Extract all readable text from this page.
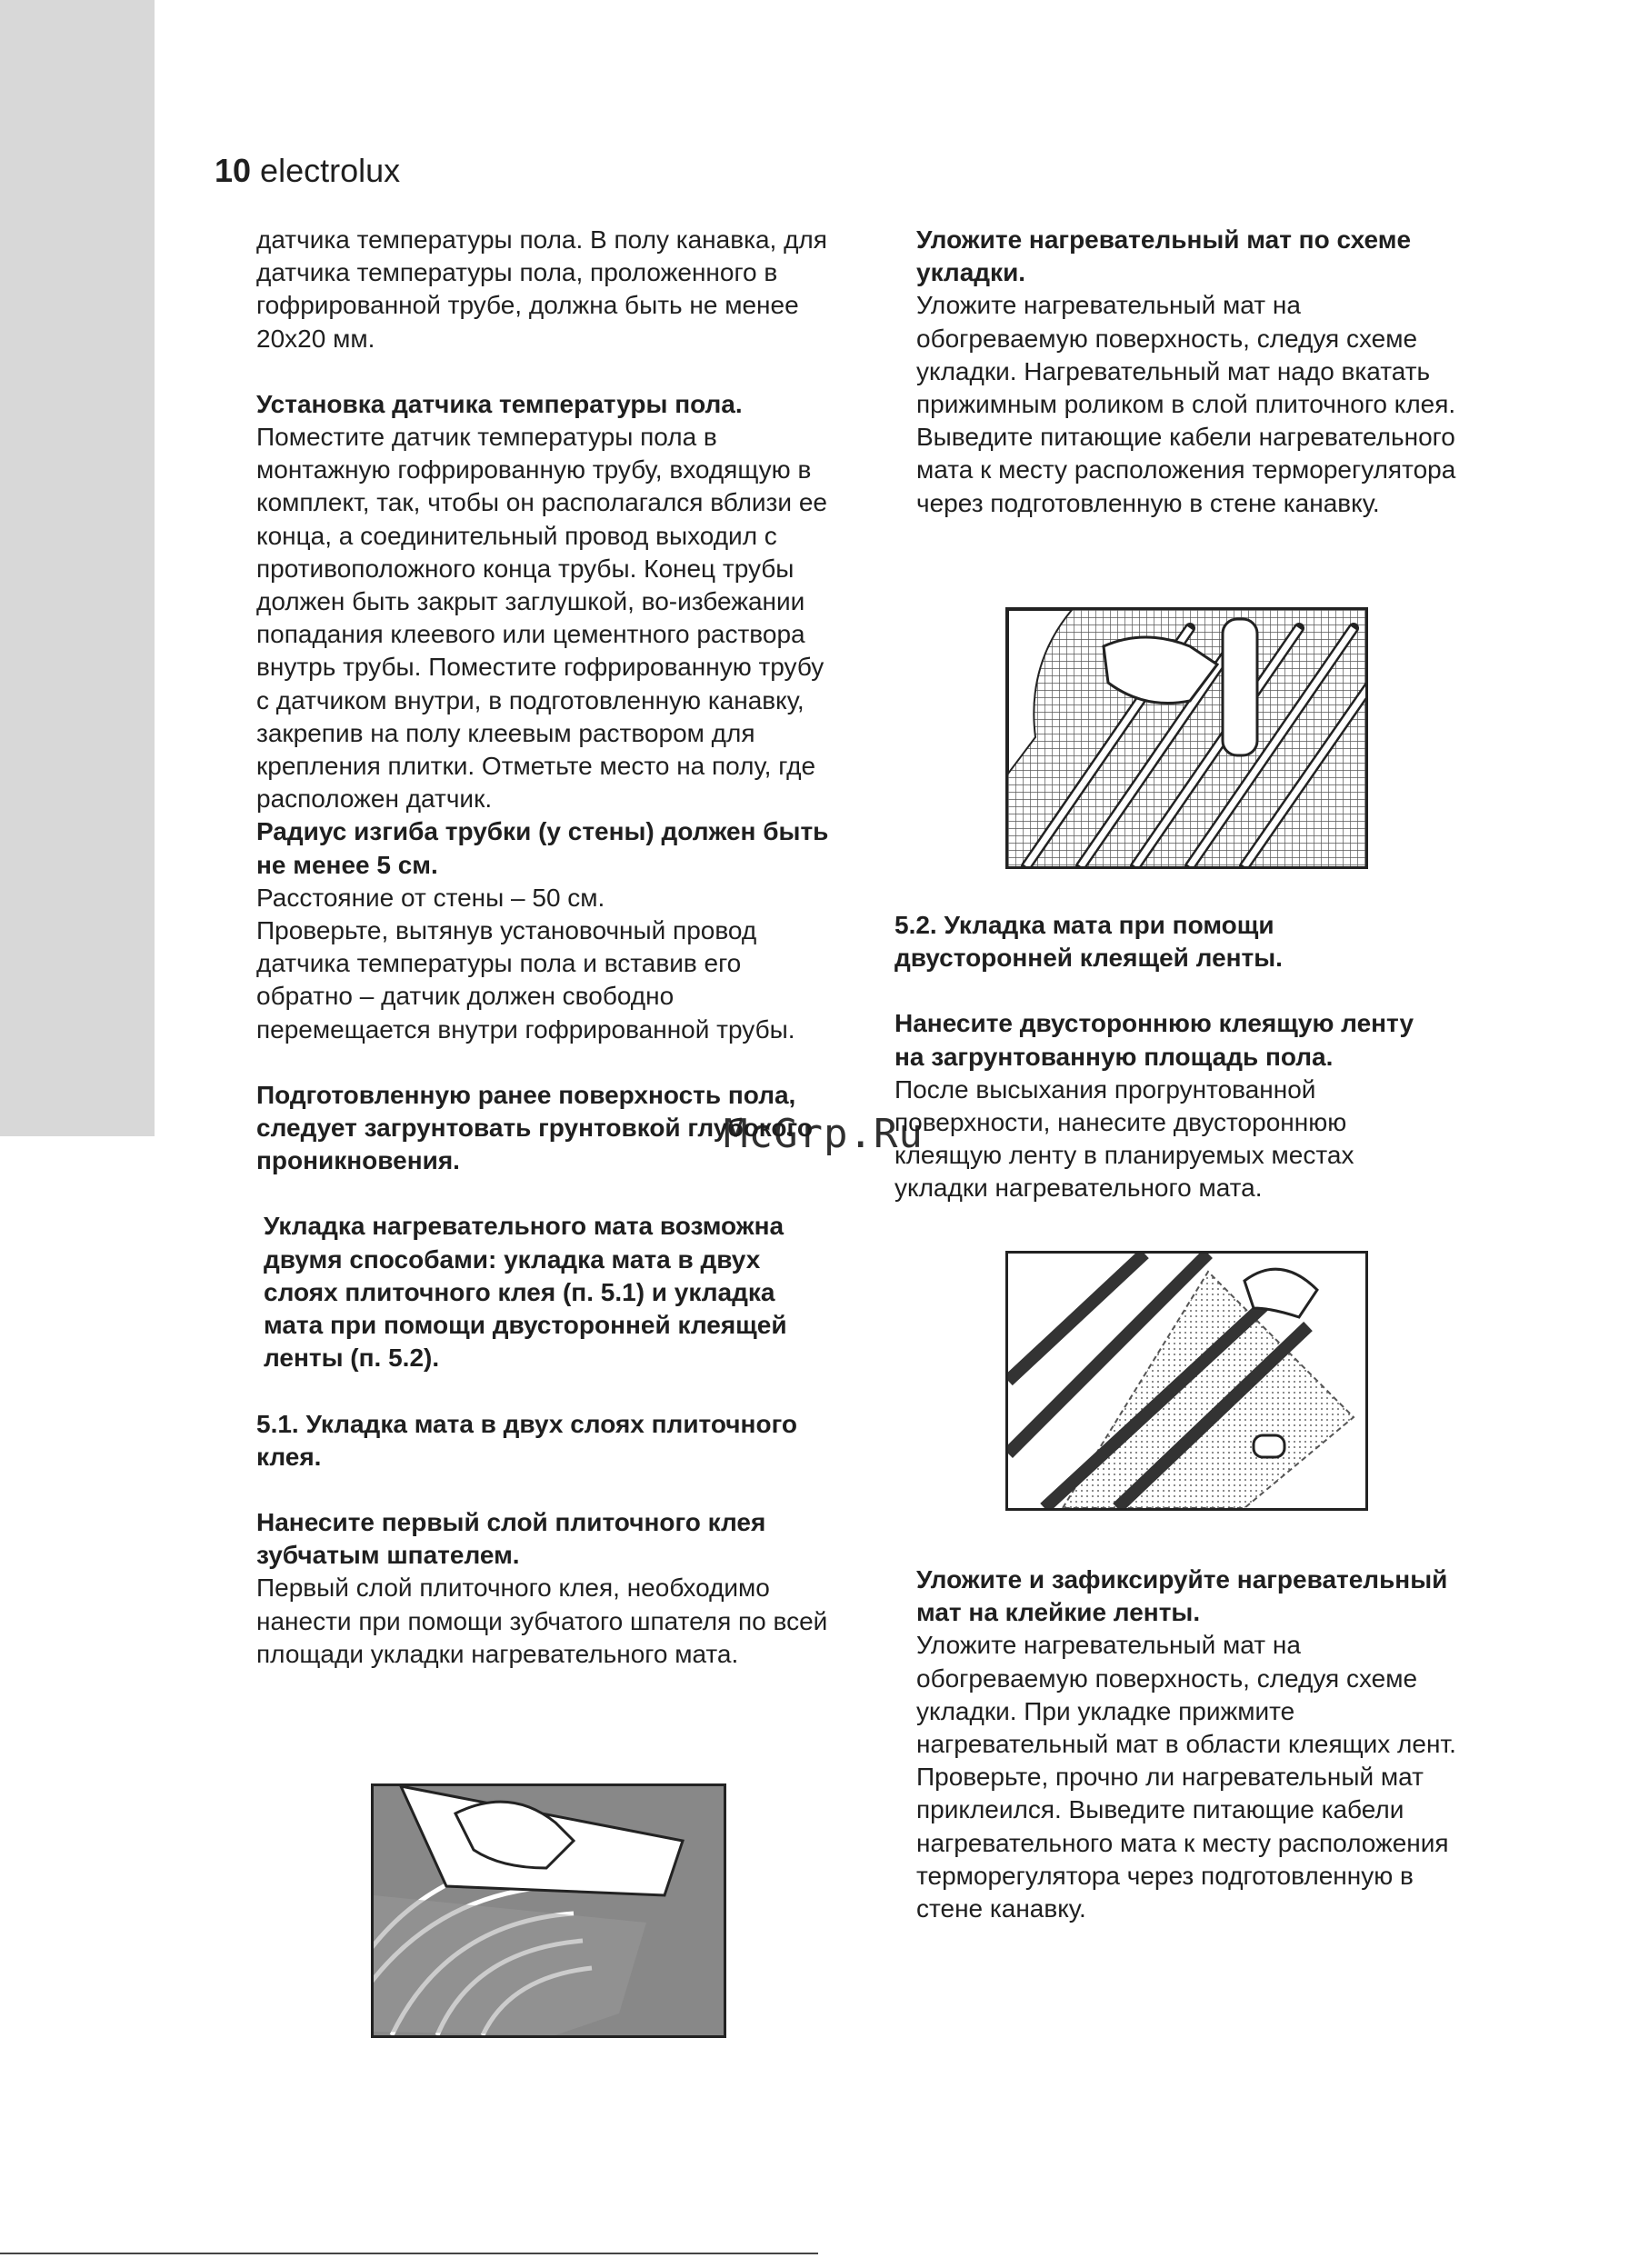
10 electrolux

датчика температуры пола. В полу канавка, для датчика температуры пола, проложенного в гофрированной трубе, должна быть не менее 20х20 мм.

Установка датчика температуры пола.

Поместите датчик температуры пола в монтажную гофрированную трубу, входящую в комплект, так, чтобы он располагался вблизи ее конца, а соединительный провод выходил с противоположного конца трубы. Конец трубы должен быть закрыт заглушкой, во-избежании попадания клеевого или цементного раствора внутрь трубы. Поместите гофрированную трубу с датчиком внутри, в подготовленную канавку, закрепив на полу клеевым раствором для крепления плитки. Отметьте место на полу, где расположен датчик.

Радиус изгиба трубки (у стены) должен быть не менее 5 см.

Расстояние от стены – 50 см.

Проверьте, вытянув установочный провод датчика температуры пола и вставив его обратно – датчик должен свободно перемещается внутри гофрированной трубы.

Подготовленную ранее поверхность пола, следует загрунтовать грунтовкой глубокого проникновения.

Укладка нагревательного мата возможна двумя способами: укладка мата в двух слоях плиточного клея (п. 5.1) и укладка мата при помощи двусторонней клеящей ленты (п. 5.2).

5.1. Укладка мата в двух слоях плиточного клея.

Нанесите первый слой плиточного клея зубчатым шпателем.

Первый слой плиточного клея, необходимо нанести при помощи зубчатого шпателя по всей площади укладки нагревательного мата.

Уложите нагревательный мат по схеме укладки.

Уложите нагревательный мат на обогреваемую поверхность, следуя схеме укладки. Нагревательный мат надо вкатать прижимным роликом в слой плиточного клея. Выведите питающие кабели нагревательного мата к месту расположения терморегулятора через подготовленную в стене канавку.

5.2. Укладка мата при помощи двусторонней клеящей ленты.

Нанесите двустороннюю клеящую ленту на загрунтованную площадь пола.

После высыхания прогрунтованной поверхности, нанесите двустороннюю клеящую ленту в планируемых местах укладки нагревательного мата.

Уложите и зафиксируйте нагревательный мат на клейкие ленты.

Уложите нагревательный мат на обогреваемую поверхность, следуя схеме укладки. При укладке прижмите нагревательный мат в области клеящих лент. Проверьте, прочно ли нагревательный мат приклеился. Выведите питающие кабели нагревательного мата к месту расположения терморегулятора через подготовленную в стене канавку.

McGrp.Ru
